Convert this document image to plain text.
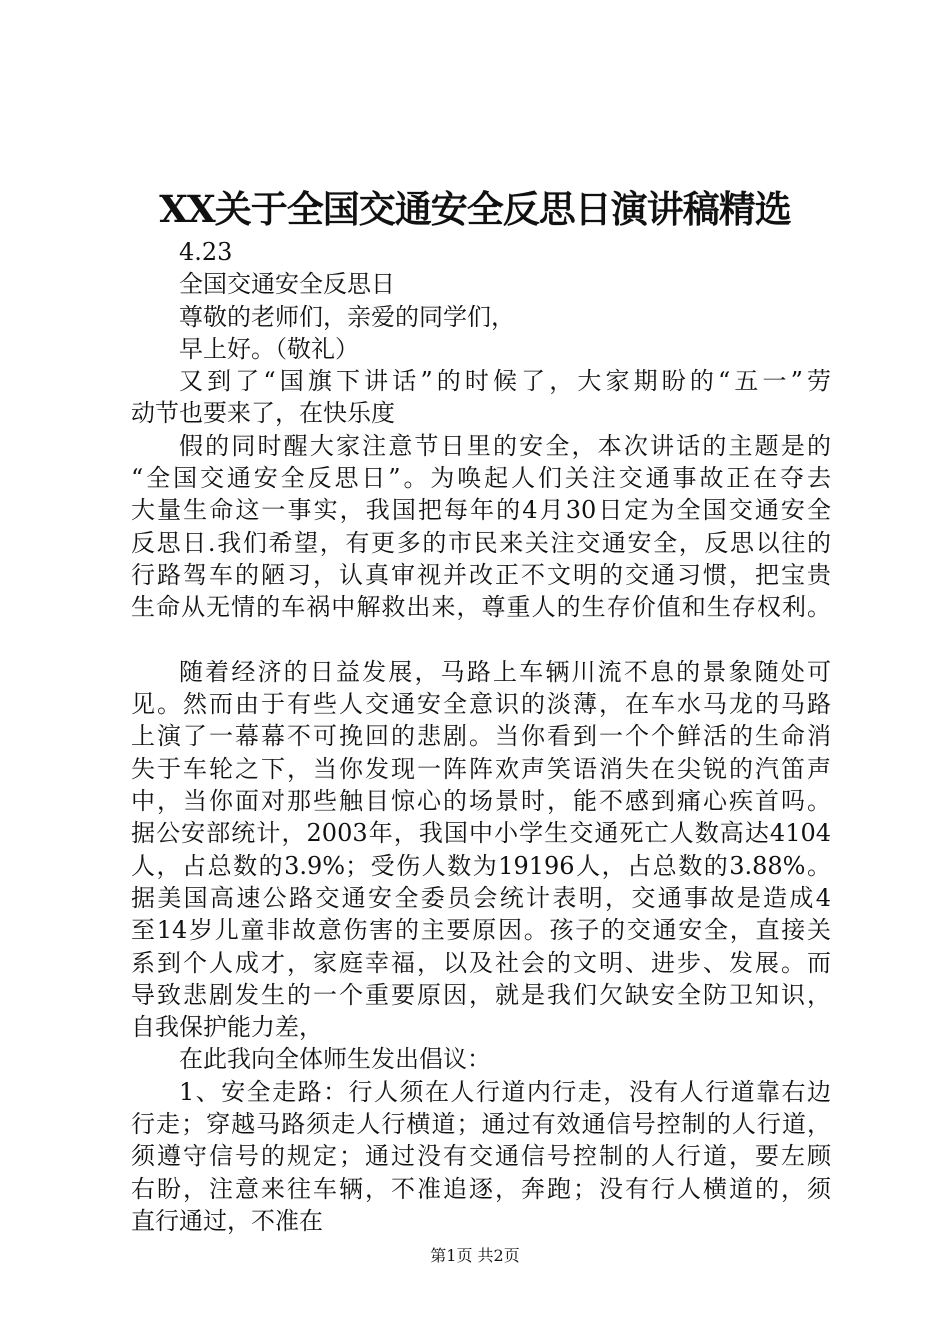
XX关于全国交通安全反思日演讲稿精选
4.23
全国交通安全反思日
尊敬的老师们，亲爱的同学们，
早上好。（敬礼）
又到了“国旗下讲话”的时候了，大家期盼的“五一”劳
动节也要来了，在快乐度
假的同时醒大家注意节日里的安全，本次讲话的主题是的
“全国交通安全反思日”。为唤起人们关注交通事故正在夺去
大量生命这一事实，我国把每年的4月30日定为全国交通安全
反思日.我们希望，有更多的市民来关注交通安全，反思以往的
行路驾车的陋习，认真审视并改正不文明的交通习惯，把宝贵
生命从无情的车祸中解救出来，尊重人的生存价值和生存权利。
随着经济的日益发展，马路上车辆川流不息的景象随处可
见。然而由于有些人交通安全意识的淡薄，在车水马龙的马路
上演了一幕幕不可挽回的悲剧。当你看到一个个鲜活的生命消
失于车轮之下，当你发现一阵阵欢声笑语消失在尖锐的汽笛声
中，当你面对那些触目惊心的场景时，能不感到痛心疾首吗。
据公安部统计，2003年，我国中小学生交通死亡人数高达4104
人，占总数的3.9%；受伤人数为19196人，占总数的3.88%。
据美国高速公路交通安全委员会统计表明，交通事故是造成4
至14岁儿童非故意伤害的主要原因。孩子的交通安全，直接关
系到个人成才，家庭幸福，以及社会的文明、进步、发展。而
导致悲剧发生的一个重要原因，就是我们欠缺安全防卫知识，
自我保护能力差，
在此我向全体师生发出倡议：
1、安全走路：行人须在人行道内行走，没有人行道靠右边
行走；穿越马路须走人行横道；通过有效通信号控制的人行道，
须遵守信号的规定；通过没有交通信号控制的人行道，要左顾
右盼，注意来往车辆，不准追逐，奔跑；没有行人横道的，须
直行通过，不准在
第1页 共2页
